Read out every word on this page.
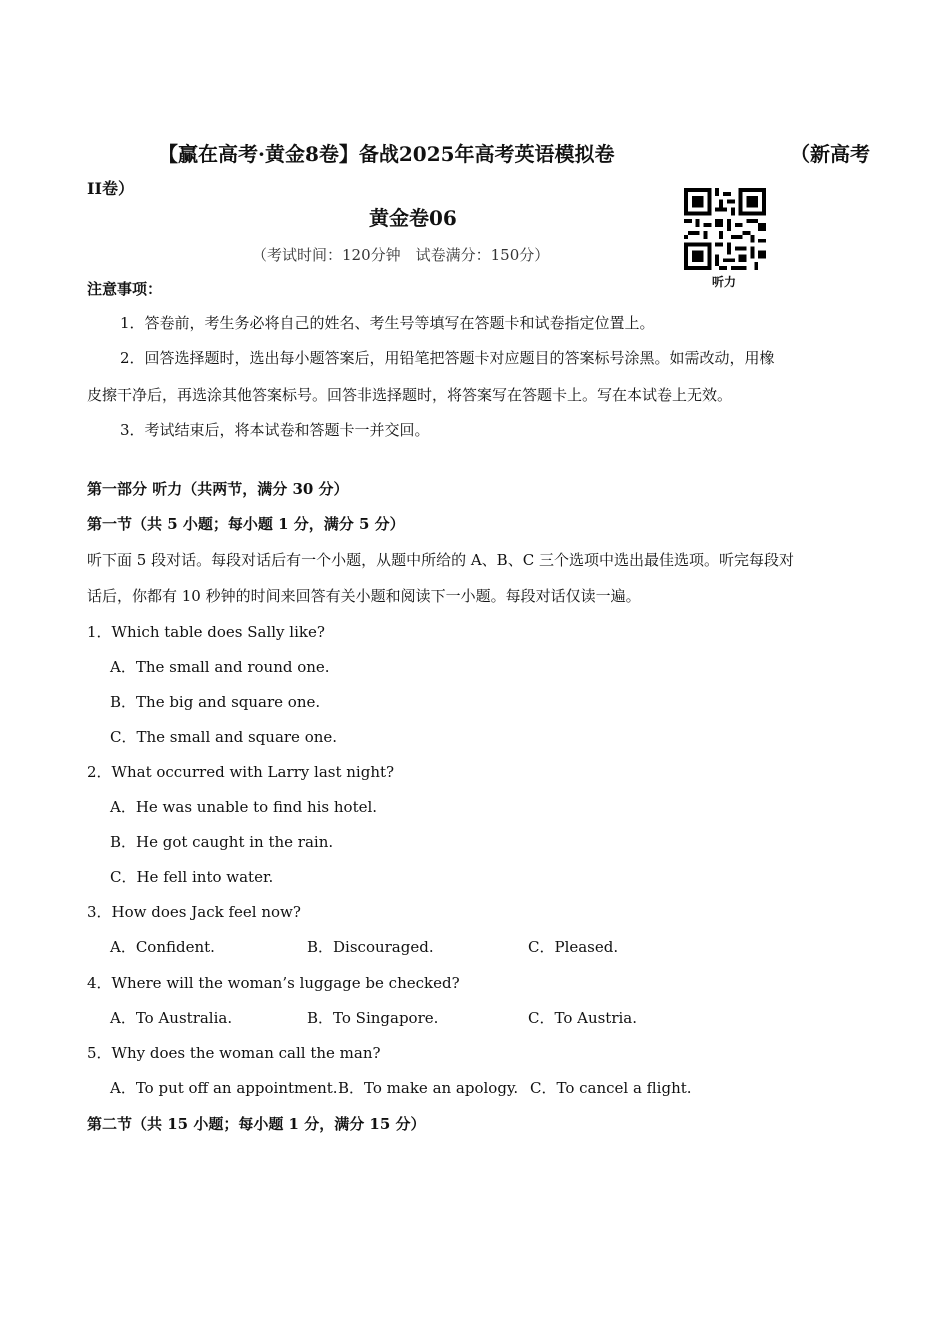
【赢在高考·黄金8卷】备战2025年高考英语模拟卷	（新高考
II卷）
黄金卷06
（考试时间：120分钟　试卷满分：150分）
听力
注意事项：
1．答卷前，考生务必将自己的姓名、考生号等填写在答题卡和试卷指定位置上。
2．回答选择题时，选出每小题答案后，用铅笔把答题卡对应题目的答案标号涂黑。如需改动，用橡
皮擦干净后，再选涂其他答案标号。回答非选择题时，将答案写在答题卡上。写在本试卷上无效。
3．考试结束后，将本试卷和答题卡一并交回。
第一部分 听力（共两节，满分 30 分）
第一节（共 5 小题；每小题 1 分，满分 5 分）
听下面 5 段对话。每段对话后有一个小题，从题中所给的 A、B、C 三个选项中选出最佳选项。听完每段对
话后，你都有 10 秒钟的时间来回答有关小题和阅读下一小题。每段对话仅读一遍。
1．Which table does Sally like?
A．The small and round one.
B．The big and square one.
C．The small and square one.
2．What occurred with Larry last night?
A．He was unable to find his hotel.
B．He got caught in the rain.
C．He fell into water.
3．How does Jack feel now?
A．Confident.	B．Discouraged.	C．Pleased.
4．Where will the woman’s luggage be checked?
A．To Australia.	B．To Singapore.	C．To Austria.
5．Why does the woman call the man?
A．To put off an appointment. B．To make an apology. C．To cancel a flight.
第二节（共 15 小题；每小题 1 分，满分 15 分）
